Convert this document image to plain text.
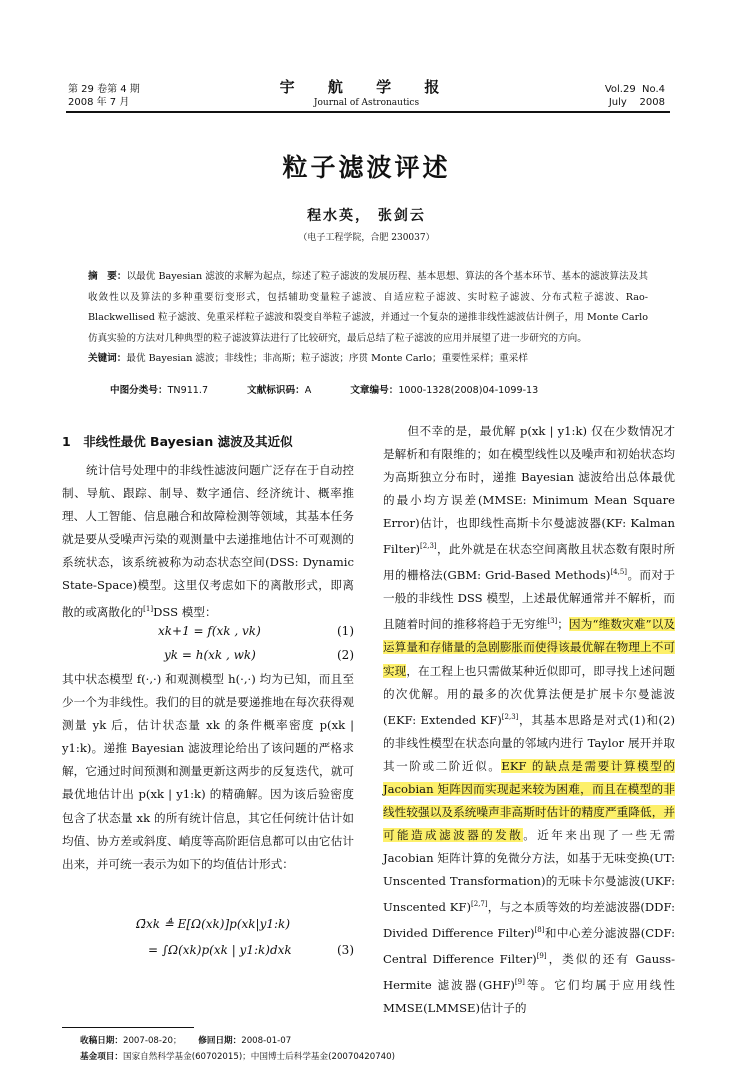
第 29 卷第 4 期
2008 年 7 月
宇 航 学 报
Journal of Astronautics
Vol.29  No.4
July    2008
粒子滤波评述
程水英， 张剑云
（电子工程学院，合肥 230037）
摘　要：以最优 Bayesian 滤波的求解为起点，综述了粒子滤波的发展历程、基本思想、算法的各个基本环节、基本的滤波算法及其收敛性以及算法的多种重要衍变形式，包括辅助变量粒子滤波、自适应粒子滤波、实时粒子滤波、分布式粒子滤波、Rao-Blackwellised 粒子滤波、免重采样粒子滤波和裂变自举粒子滤波，并通过一个复杂的递推非线性滤波估计例子，用 Monte Carlo 仿真实验的方法对几种典型的粒子滤波算法进行了比较研究，最后总结了粒子滤波的应用并展望了进一步研究的方向。
关键词：最优 Bayesian 滤波；非线性；非高斯；粒子滤波；序贯 Monte Carlo；重要性采样；重采样
中图分类号：TN911.7	文献标识码：A	文章编号：1000-1328(2008)04-1099-13
1　非线性最优 Bayesian 滤波及其近似
统计信号处理中的非线性滤波问题广泛存在于自动控制、导航、跟踪、制导、数字通信、经济统计、概率推理、人工智能、信息融合和故障检测等领域，其基本任务就是要从受噪声污染的观测量中去递推地估计不可观测的系统状态，该系统被称为动态状态空间(DSS: Dynamic State-Space)模型。这里仅考虑如下的离散形式，即离散的或离散化的[1]DSS 模型：
xk+1 = f(xk , vk)	(1)
yk = h(xk , wk)	(2)
其中状态模型 f(·,·) 和观测模型 h(·,·) 均为已知，而且至少一个为非线性。我们的目的就是要递推地在每次获得观测量 yk 后，估计状态量 xk 的条件概率密度 p(xk | y1:k)。递推 Bayesian 滤波理论给出了该问题的严格求解，它通过时间预测和测量更新这两步的反复迭代，就可最优地估计出 p(xk | y1:k) 的精确解。因为该后验密度包含了状态量 xk 的所有统计信息，其它任何统计估计如均值、协方差或斜度、峭度等高阶距信息都可以由它估计出来，并可统一表示为如下的均值估计形式：
Ω̄xk ≜ E[Ω(xk)]p(xk|y1:k)
= ∫Ω(xk)p(xk | y1:k)dxk	(3)
但不幸的是，最优解 p(xk | y1:k) 仅在少数情况才是解析和有限维的；如在模型线性以及噪声和初始状态均为高斯独立分布时，递推 Bayesian 滤波给出总体最优的最小均方误差(MMSE: Minimum Mean Square Error)估计，也即线性高斯卡尔曼滤波器(KF: Kalman Filter)[2,3]，此外就是在状态空间离散且状态数有限时所用的栅格法(GBM: Grid-Based Methods)[4,5]。而对于一般的非线性 DSS 模型，上述最优解通常并不解析，而且随着时间的推移将趋于无穷维[3]；因为“维数灾难”以及运算量和存储量的急剧膨胀而使得该最优解在物理上不可实现，在工程上也只需做某种近似即可，即寻找上述问题的次优解。用的最多的次优算法便是扩展卡尔曼滤波(EKF: Extended KF)[2,3]，其基本思路是对式(1)和(2)的非线性模型在状态向量的邻域内进行 Taylor 展开并取其一阶或二阶近似。EKF 的缺点是需要计算模型的 Jacobian 矩阵因而实现起来较为困难，而且在模型的非线性较强以及系统噪声非高斯时估计的精度严重降低，并可能造成滤波器的发散。近年来出现了一些无需 Jacobian 矩阵计算的免微分方法，如基于无味变换(UT: Unscented Transformation)的无味卡尔曼滤波(UKF: Unscented KF)[2,7]，与之本质等效的均差滤波器(DDF: Divided Difference Filter)[8]和中心差分滤波器(CDF: Central Difference Filter)[9]，类似的还有 Gauss-Hermite 滤波器(GHF)[9]等。它们均属于应用线性 MMSE(LMMSE)估计子的
收稿日期：2007-08-20； 修回日期：2008-01-07
基金项目：国家自然科学基金(60702015)；中国博士后科学基金(20070420740)
